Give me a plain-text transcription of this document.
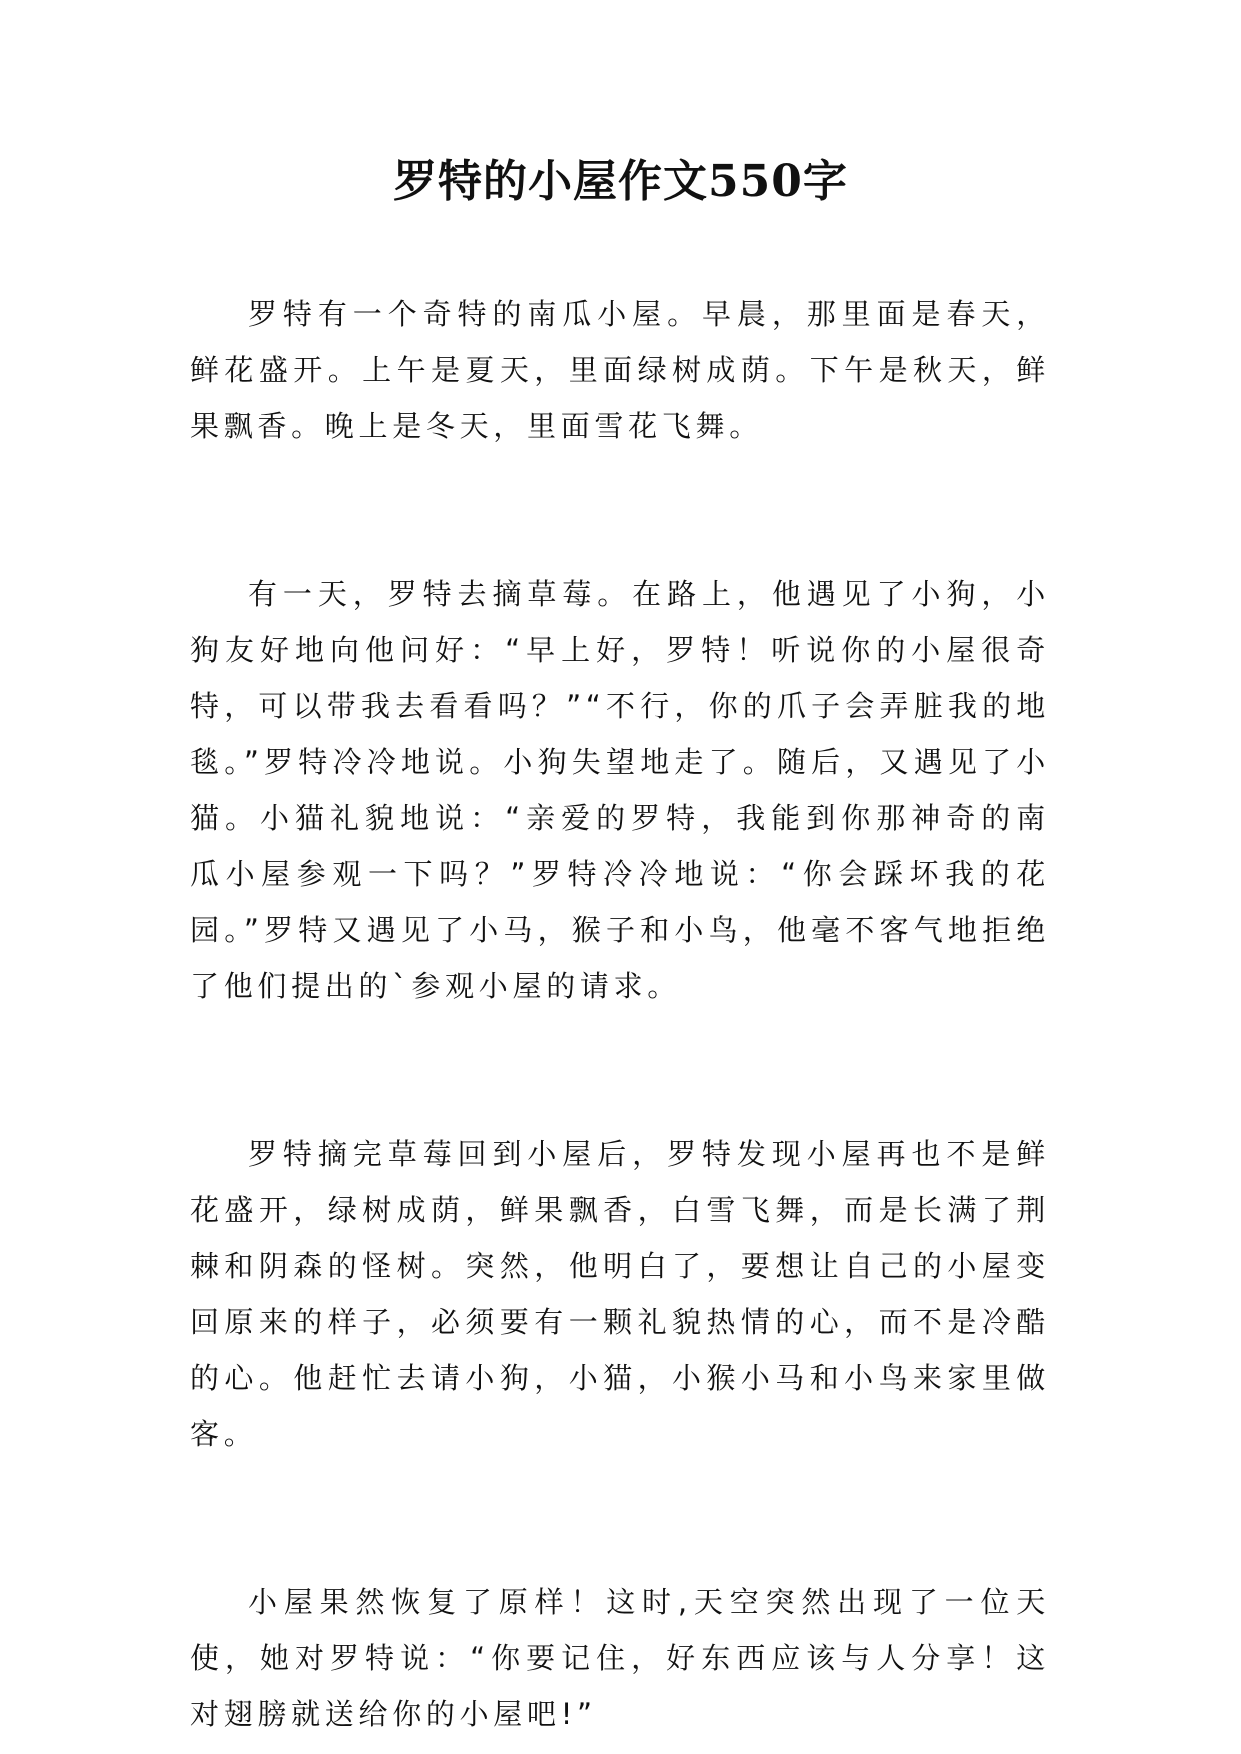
罗特的小屋作文550字

罗特有一个奇特的南瓜小屋。早晨，那里面是春天，鲜花盛开。上午是夏天，里面绿树成荫。下午是秋天，鲜果飘香。晚上是冬天，里面雪花飞舞。

有一天，罗特去摘草莓。在路上，他遇见了小狗，小狗友好地向他问好：“早上好，罗特！听说你的小屋很奇特，可以带我去看看吗？”“不行，你的爪子会弄脏我的地毯。”罗特冷冷地说。小狗失望地走了。随后，又遇见了小猫。小猫礼貌地说：“亲爱的罗特，我能到你那神奇的南瓜小屋参观一下吗？”罗特冷冷地说：“你会踩坏我的花园。”罗特又遇见了小马，猴子和小鸟，他毫不客气地拒绝了他们提出的`参观小屋的请求。

罗特摘完草莓回到小屋后，罗特发现小屋再也不是鲜花盛开，绿树成荫，鲜果飘香，白雪飞舞，而是长满了荆棘和阴森的怪树。突然，他明白了，要想让自己的小屋变回原来的样子，必须要有一颗礼貌热情的心，而不是冷酷的心。他赶忙去请小狗，小猫，小猴小马和小鸟来家里做客。

小屋果然恢复了原样！这时,天空突然出现了一位天使，她对罗特说：“你要记住，好东西应该与人分享！这对翅膀就送给你的小屋吧!”
